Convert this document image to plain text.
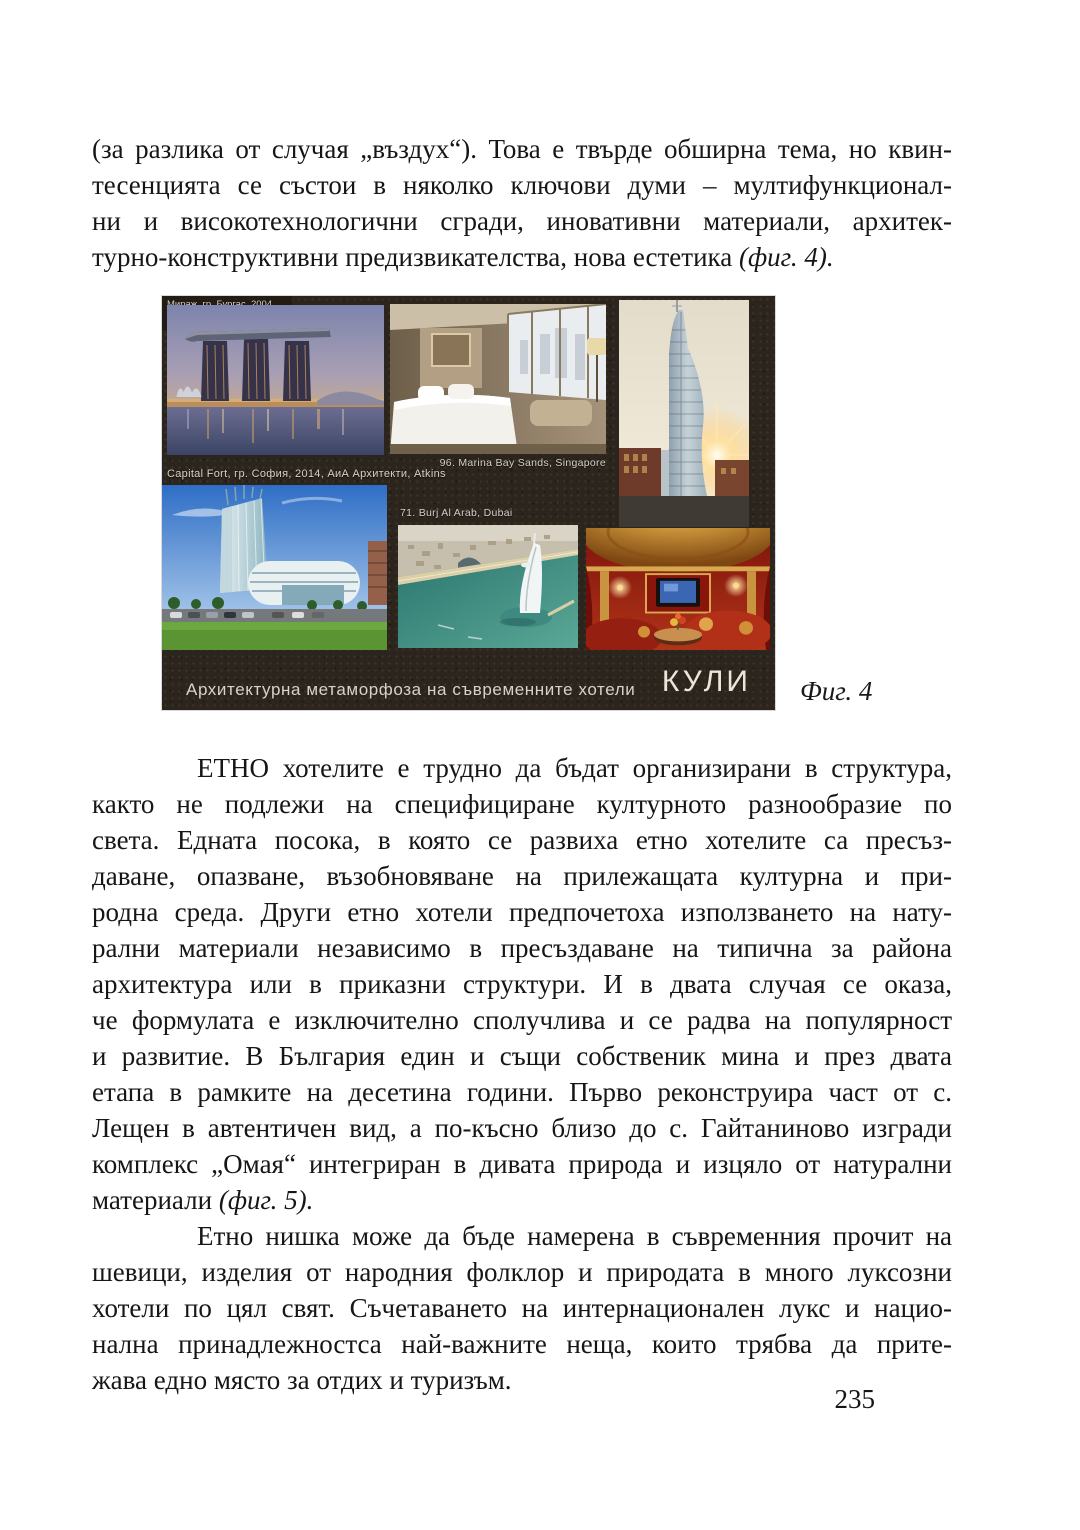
(за разлика от случая „въздух“). Това е твърде обширна тема, но квин-
тесенцията се състои в няколко ключови думи – мултифункционал-
ни и високотехнологични сгради, иновативни материали, архитек-
турно-конструктивни предизвикателства, нова естетика (фиг. 4).
96. Marina Bay Sands, Singapore
Capital Fort, гр. София, 2014, АиА Архитекти, Atkins
71. Burj Al Arab, Dubai
Архитектурна метаморфоза на съвременните хотели КУЛИ Фиг. 4
ЕТНО хотелите е трудно да бъдат организирани в структура,
както не подлежи на специфициране културното разнообразие по
света. Едната посока, в която се развиха етно хотелите са пресъз-
даване, опазване, възобновяване на прилежащата културна и при-
родна среда. Други етно хотели предпочетоха използването на нату-
рални материали независимо в пресъздаване на типична за района
архитектура или в приказни структури. И в двата случая се оказа,
че формулата е изключително сполучлива и се радва на популярност
и развитие. В България един и същи собственик мина и през двата
етапа в рамките на десетина години. Първо реконструира част от с.
Лещен в автентичен вид, а по-късно близо до с. Гайтаниново изгради
комплекс „Омая“ интегриран в дивата природа и изцяло от натурални
материали (фиг. 5).
Етно нишка може да бъде намерена в съвременния прочит на
шевици, изделия от народния фолклор и природата в много луксозни
хотели по цял свят. Съчетаването на интернационален лукс и нацио-
нална принадлежностса най-важните неща, които трябва да прите-
жава едно място за отдих и туризъм.
235
